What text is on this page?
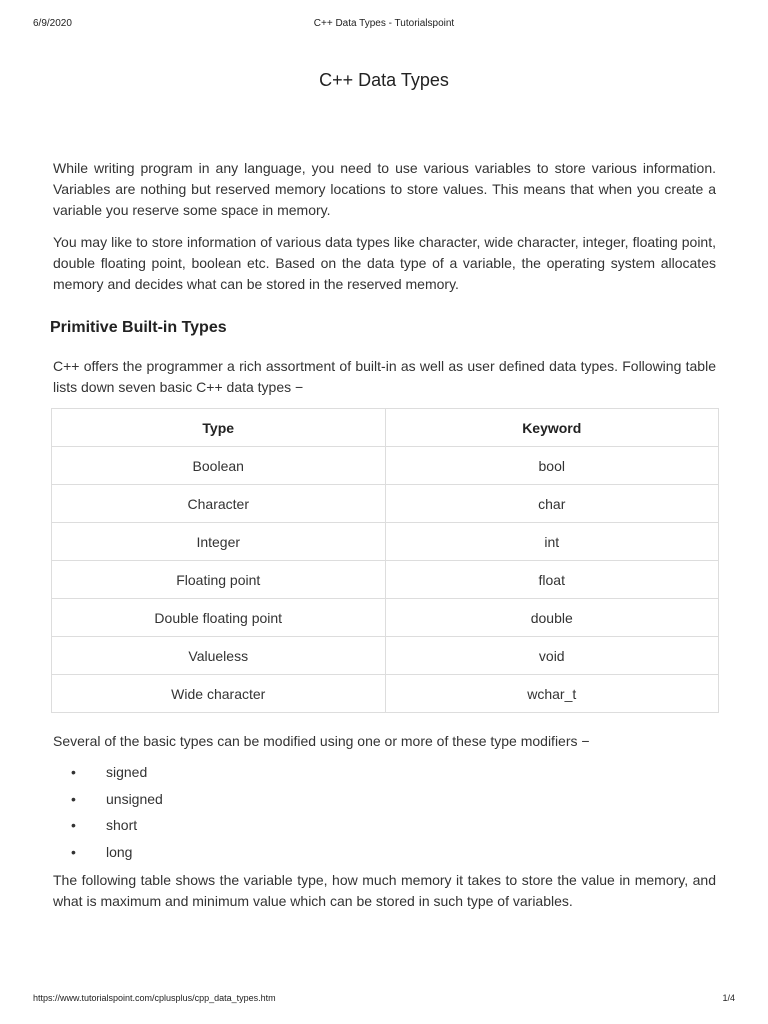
6/9/2020	C++ Data Types - Tutorialspoint
C++ Data Types

While writing program in any language, you need to use various variables to store various information. Variables are nothing but reserved memory locations to store values. This means that when you create a variable you reserve some space in memory.

You may like to store information of various data types like character, wide character, integer, floating point, double floating point, boolean etc. Based on the data type of a variable, the operating system allocates memory and decides what can be stored in the reserved memory.

Primitive Built-in Types

C++ offers the programmer a rich assortment of built-in as well as user defined data types. Following table lists down seven basic C++ data types −

Type	Keyword
Boolean	bool
Character	char
Integer	int
Floating point	float
Double floating point	double
Valueless	void
Wide character	wchar_t

Several of the basic types can be modified using one or more of these type modifiers −

• signed
• unsigned
• short
• long

The following table shows the variable type, how much memory it takes to store the value in memory, and what is maximum and minimum value which can be stored in such type of variables.

https://www.tutorialspoint.com/cplusplus/cpp_data_types.htm	1/4
